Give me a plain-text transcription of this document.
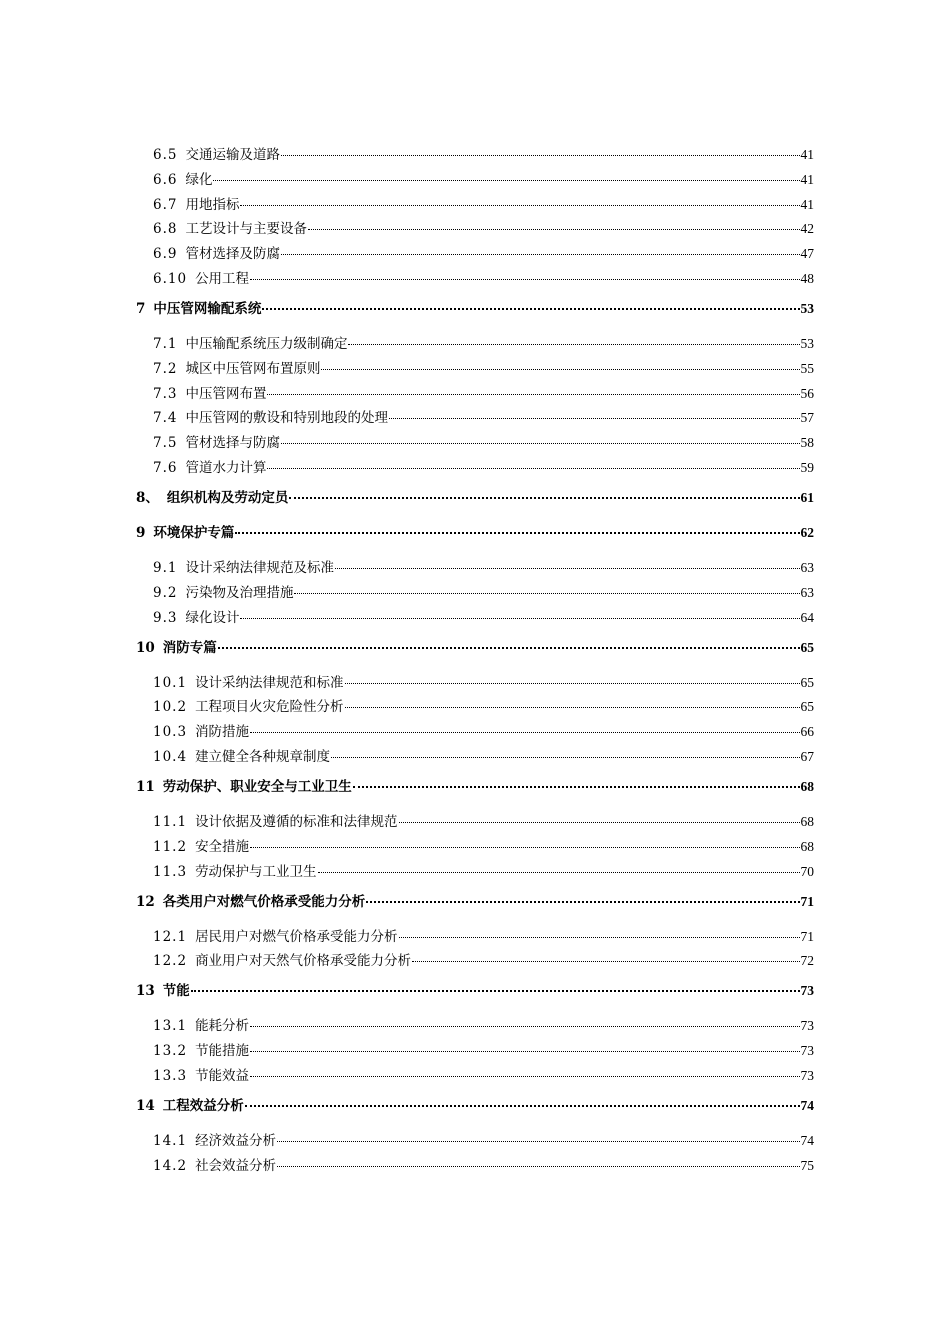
6.5 交通运输及道路	41
6.6 绿化	41
6.7 用地指标	41
6.8 工艺设计与主要设备	42
6.9 管材选择及防腐	47
6.10 公用工程	48
7 中压管网输配系统	53
7.1 中压输配系统压力级制确定	53
7.2 城区中压管网布置原则	55
7.3 中压管网布置	56
7.4 中压管网的敷设和特别地段的处理	57
7.5 管材选择与防腐	58
7.6 管道水力计算	59
8、 组织机构及劳动定员	61
9 环境保护专篇	62
9.1 设计采纳法律规范及标准	63
9.2 污染物及治理措施	63
9.3 绿化设计	64
10 消防专篇	65
10.1 设计采纳法律规范和标准	65
10.2 工程项目火灾危险性分析	65
10.3 消防措施	66
10.4 建立健全各种规章制度	67
11 劳动保护、职业安全与工业卫生	68
11.1 设计依据及遵循的标准和法律规范	68
11.2 安全措施	68
11.3 劳动保护与工业卫生	70
12 各类用户对燃气价格承受能力分析	71
12.1 居民用户对燃气价格承受能力分析	71
12.2 商业用户对天然气价格承受能力分析	72
13 节能	73
13.1 能耗分析	73
13.2 节能措施	73
13.3 节能效益	73
14 工程效益分析	74
14.1 经济效益分析	74
14.2 社会效益分析	75
